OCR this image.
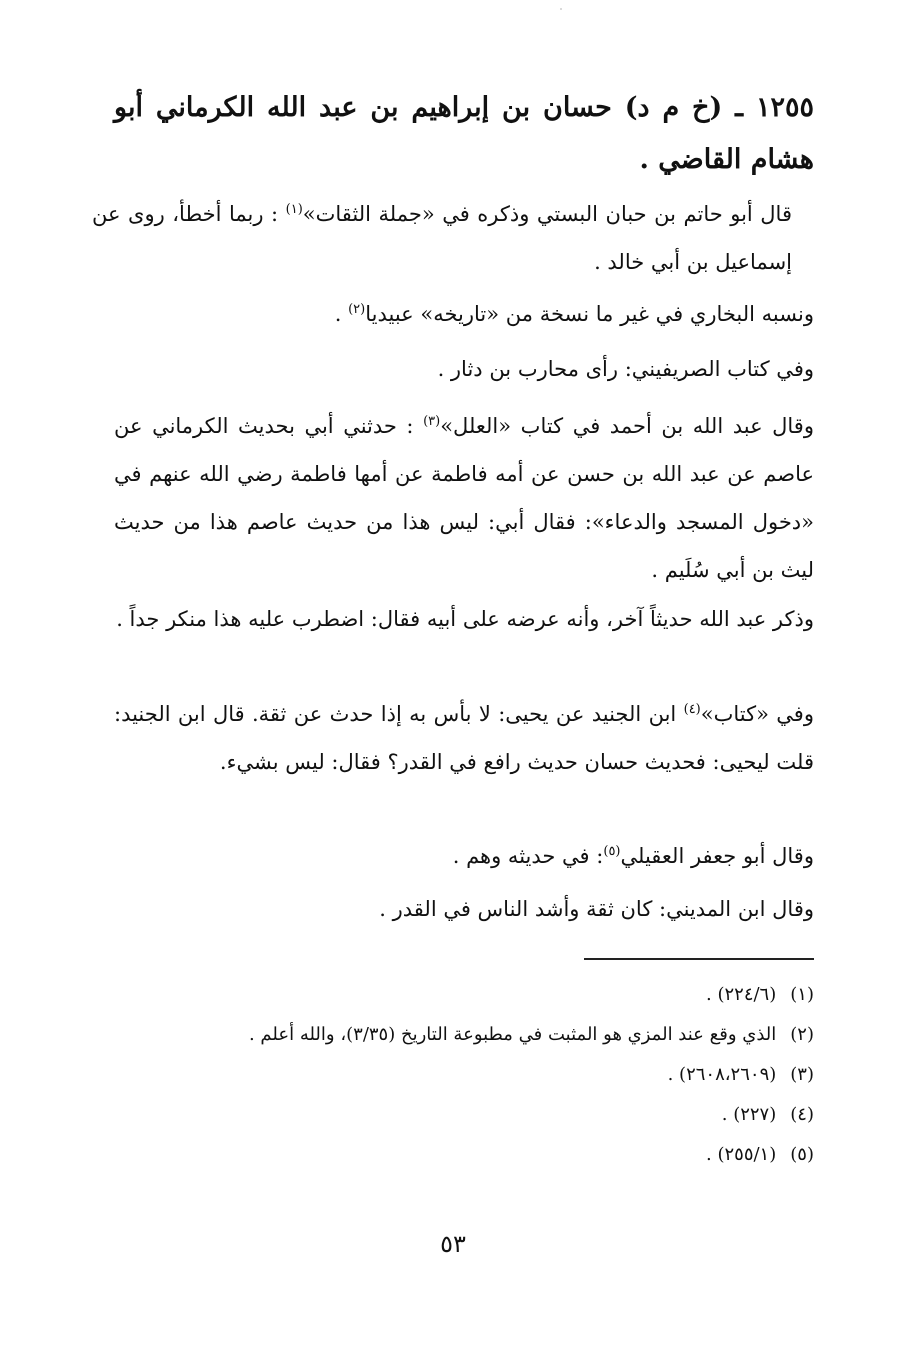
١٢٥٥ ـ (خ م د) حسان بن إبراهيم بن عبد الله الكرماني أبو هشام القاضي .
قال أبو حاتم بن حبان البستي وذكره في «جملة الثقات»$^{(١)}$ : ربما أخطأ، روى عن إسماعيل بن أبي خالد .
ونسبه البخاري في غير ما نسخة من «تاريخه» عبيديا$^{(٢)}$ .
وفي كتاب الصريفيني: رأى محارب بن دثار .
وقال عبد الله بن أحمد في كتاب «العلل»$^{(٣)}$ : حدثني أبي بحديث الكرماني عن عاصم عن عبد الله بن حسن عن أمه فاطمة عن أمها فاطمة رضي الله عنهم في «دخول المسجد والدعاء»: فقال أبي: ليس هذا من حديث عاصم هذا من حديث ليث بن أبي سُلَيم .
وذكر عبد الله حديثاً آخر، وأنه عرضه على أبيه فقال: اضطرب عليه هذا منكر جداً .
وفي «كتاب»$^{(٤)}$ ابن الجنيد عن يحيى: لا بأس به إذا حدث عن ثقة. قال ابن الجنيد: قلت ليحيى: فحديث حسان حديث رافع في القدر؟ فقال: ليس بشيء.
وقال أبو جعفر العقيلي$^{(٥)}$: في حديثه وهم .
وقال ابن المديني: كان ثقة وأشد الناس في القدر .
(١)(٢٢٤/٦) .
(٢)الذي وقع عند المزي هو المثبت في مطبوعة التاريخ (٣/٣٥)، والله أعلم .
(٣)(٢٦٠٨،٢٦٠٩) .
(٤)(٢٢٧) .
(٥)(٢٥٥/١) .
٥٣
